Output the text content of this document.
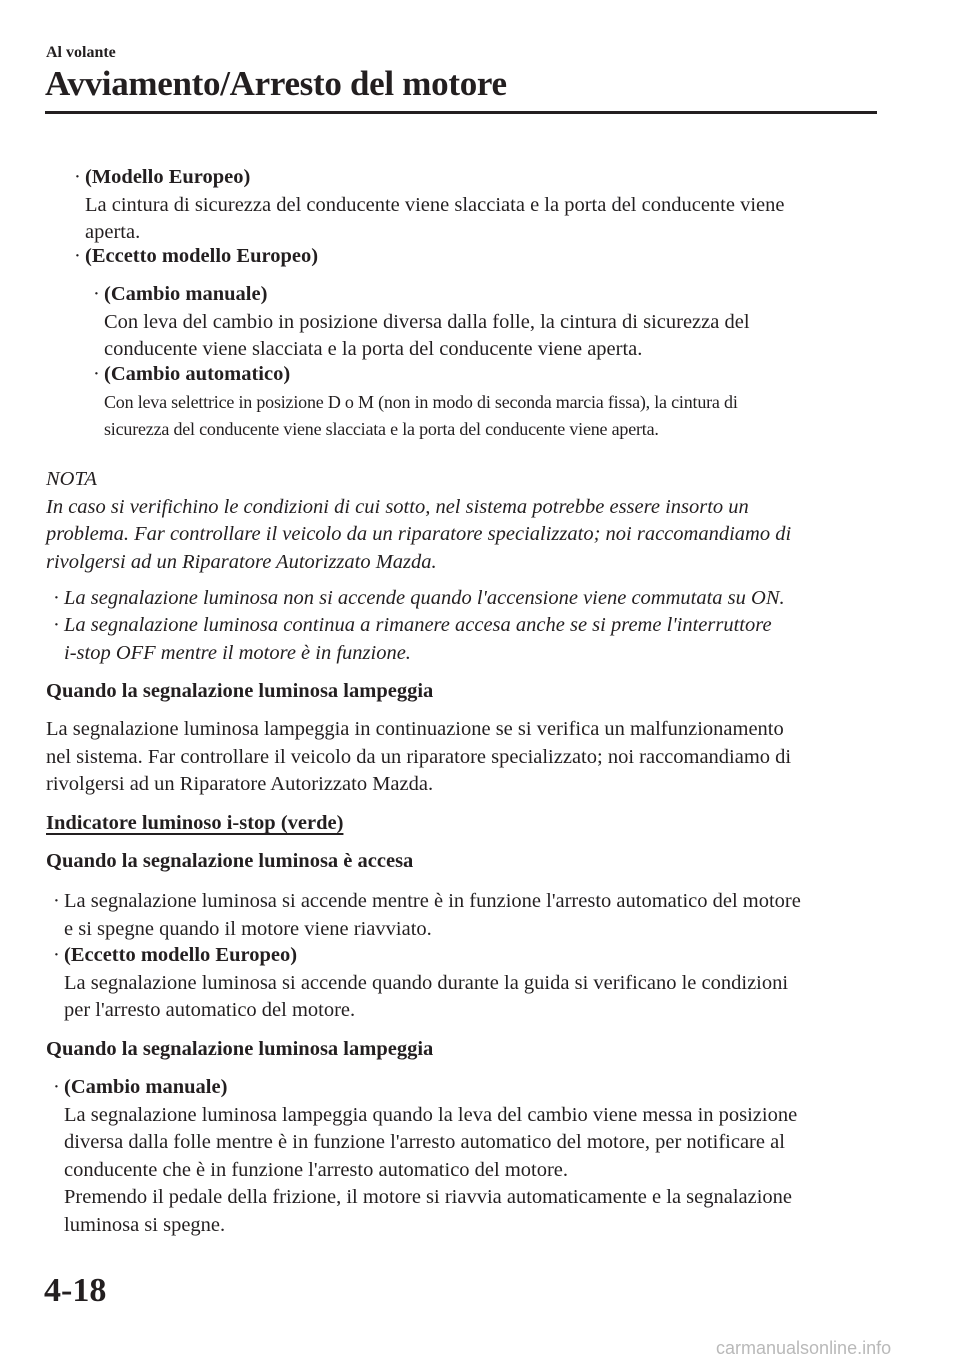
Al volante
Avviamento/Arresto del motore
· (Modello Europeo)
La cintura di sicurezza del conducente viene slacciata e la porta del conducente viene
aperta.
· (Eccetto modello Europeo)
· (Cambio manuale)
Con leva del cambio in posizione diversa dalla folle, la cintura di sicurezza del
conducente viene slacciata e la porta del conducente viene aperta.
· (Cambio automatico)

Con leva selettrice in posizione D o M (non in modo di seconda marcia fissa), la cintura di
sicurezza del conducente viene slacciata e la porta del conducente viene aperta.
NOTA
In caso si verifichino le condizioni di cui sotto, nel sistema potrebbe essere insorto un
problema. Far controllare il veicolo da un riparatore specializzato; noi raccomandiamo di
rivolgersi ad un Riparatore Autorizzato Mazda.
· La segnalazione luminosa non si accende quando l'accensione viene commutata su ON.
· La segnalazione luminosa continua a rimanere accesa anche se si preme l'interruttore
i-stop OFF mentre il motore è in funzione.
Quando la segnalazione luminosa lampeggia
La segnalazione luminosa lampeggia in continuazione se si verifica un malfunzionamento
nel sistema. Far controllare il veicolo da un riparatore specializzato; noi raccomandiamo di
rivolgersi ad un Riparatore Autorizzato Mazda.
Indicatore luminoso i-stop (verde)
Quando la segnalazione luminosa è accesa
· La segnalazione luminosa si accende mentre è in funzione l'arresto automatico del motore
e si spegne quando il motore viene riavviato.
· (Eccetto modello Europeo)
La segnalazione luminosa si accende quando durante la guida si verificano le condizioni
per l'arresto automatico del motore.
Quando la segnalazione luminosa lampeggia
· (Cambio manuale)
La segnalazione luminosa lampeggia quando la leva del cambio viene messa in posizione
diversa dalla folle mentre è in funzione l'arresto automatico del motore, per notificare al
conducente che è in funzione l'arresto automatico del motore.
Premendo il pedale della frizione, il motore si riavvia automaticamente e la segnalazione
luminosa si spegne.
4-18
carmanualsonline.info
